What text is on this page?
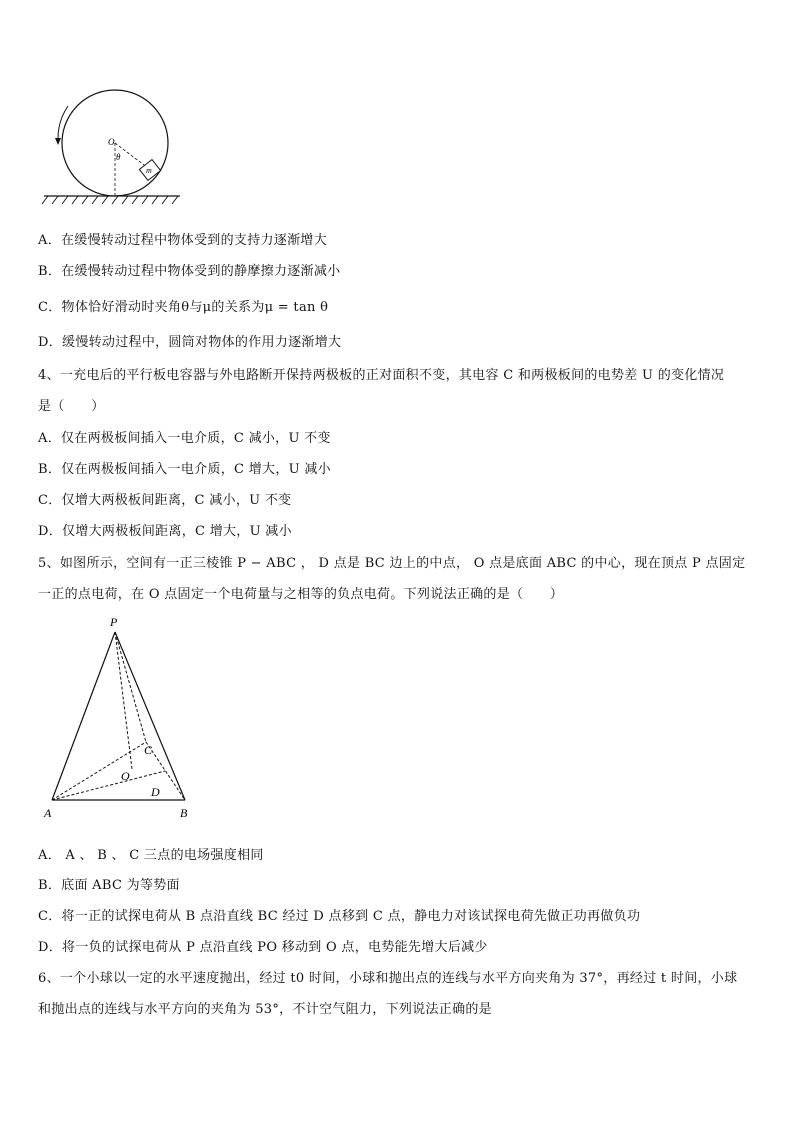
O
θ
m
A．在缓慢转动过程中物体受到的支持力逐渐增大
B．在缓慢转动过程中物体受到的静摩擦力逐渐减小
C．物体恰好滑动时夹角θ与μ的关系为μ = tan θ
D．缓慢转动过程中，圆筒对物体的作用力逐渐增大
4、一充电后的平行板电容器与外电路断开保持两极板的正对面积不变，其电容 C 和两极板间的电势差 U 的变化情况
是（　　）
A．仅在两极板间插入一电介质，C 减小，U 不变
B．仅在两极板间插入一电介质，C 增大，U 减小
C．仅增大两极板间距离，C 减小，U 不变
D．仅增大两极板间距离，C 增大，U 减小
5、如图所示，空间有一正三棱锥 P − ABC ， D 点是 BC 边上的中点， O 点是底面 ABC 的中心，现在顶点 P 点固定
一正的点电荷，在 O 点固定一个电荷量与之相等的负点电荷。下列说法正确的是（　　）
P
A	B
C
O
D
A． A 、 B 、 C 三点的电场强度相同
B．底面 ABC 为等势面
C．将一正的试探电荷从 B 点沿直线 BC 经过 D 点移到 C 点，静电力对该试探电荷先做正功再做负功
D．将一负的试探电荷从 P 点沿直线 PO 移动到 O 点，电势能先增大后减少
6、一个小球以一定的水平速度抛出，经过 t0 时间，小球和抛出点的连线与水平方向夹角为 37°，再经过 t 时间，小球
和抛出点的连线与水平方向的夹角为 53°，不计空气阻力，下列说法正确的是
